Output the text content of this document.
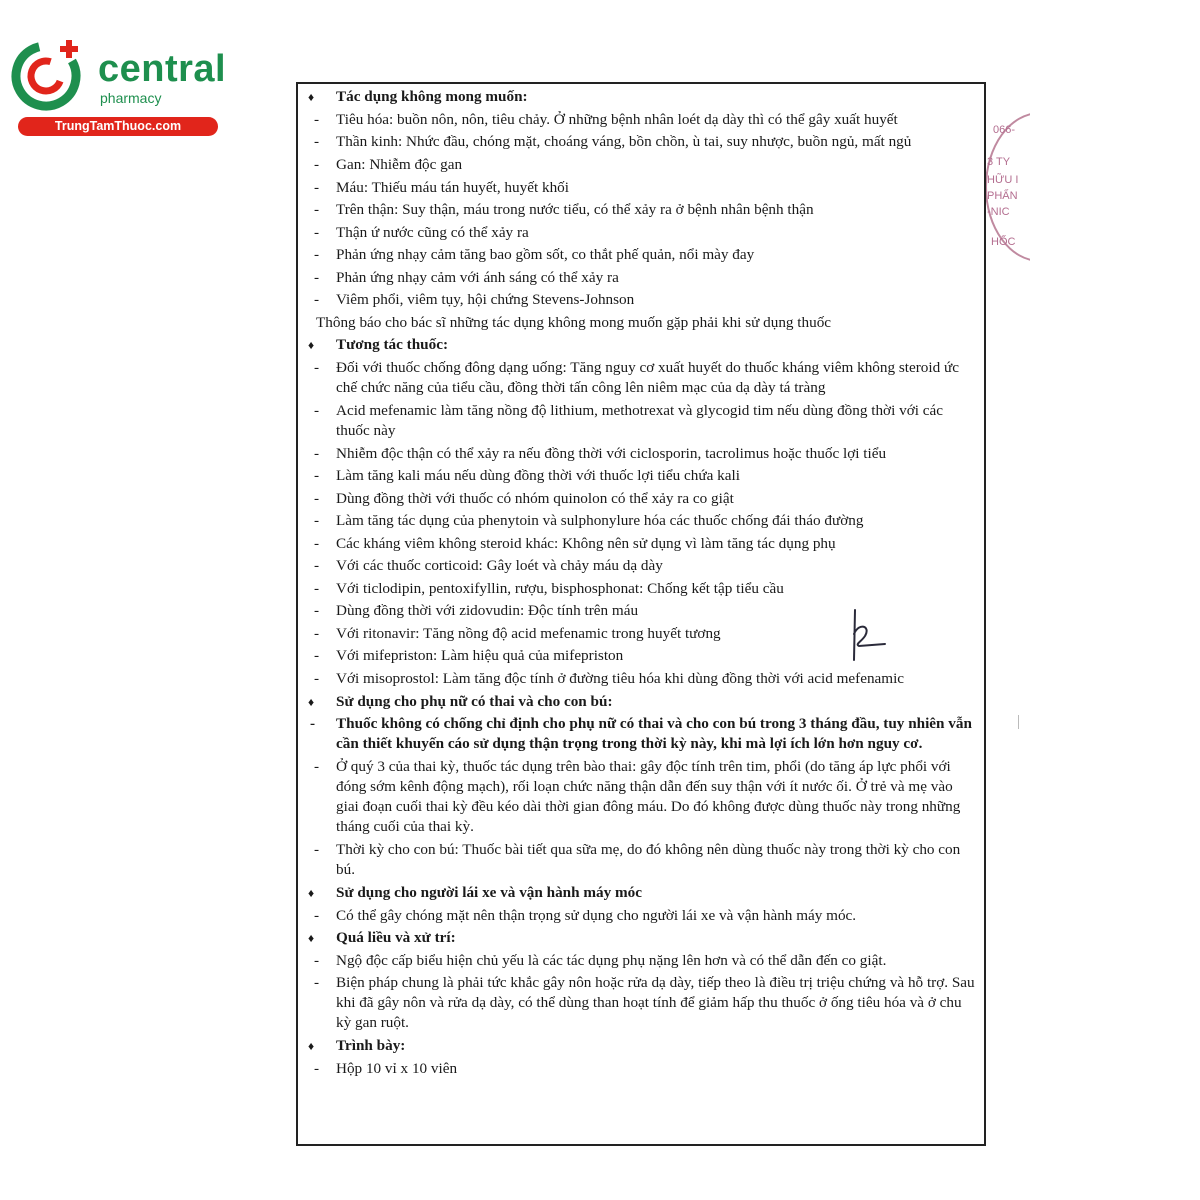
central
pharmacy
TrungTamThuoc.com	066-
3 TY
HỮU I
PHẨN
-NIC
HỐC
♦ Tác dụng không mong muốn:
- Tiêu hóa: buồn nôn, nôn, tiêu chảy. Ở những bệnh nhân loét dạ dày thì có thể gây xuất huyết
- Thần kinh: Nhức đầu, chóng mặt, choáng váng, bồn chồn, ù tai, suy nhược, buồn ngủ, mất ngủ
- Gan: Nhiễm độc gan
- Máu: Thiếu máu tán huyết, huyết khối
- Trên thận: Suy thận, máu trong nước tiểu, có thể xảy ra ở bệnh nhân bệnh thận
- Thận ứ nước cũng có thể xảy ra
- Phản ứng nhạy cảm tăng bao gồm sốt, co thắt phế quản, nổi mày đay
- Phản ứng nhạy cảm với ánh sáng có thể xảy ra
- Viêm phổi, viêm tụy, hội chứng Stevens-Johnson
Thông báo cho bác sĩ những tác dụng không mong muốn gặp phải khi sử dụng thuốc
♦ Tương tác thuốc:
- Đối với thuốc chống đông dạng uống: Tăng nguy cơ xuất huyết do thuốc kháng viêm không steroid ức chế chức năng của tiểu cầu, đồng thời tấn công lên niêm mạc của dạ dày tá tràng
- Acid mefenamic làm tăng nồng độ lithium, methotrexat và glycogid tim nếu dùng đồng thời với các thuốc này
- Nhiễm độc thận có thể xảy ra nếu đồng thời với ciclosporin, tacrolimus hoặc thuốc lợi tiểu
- Làm tăng kali máu nếu dùng đồng thời với thuốc lợi tiểu chứa kali
- Dùng đồng thời với thuốc có nhóm quinolon có thể xảy ra co giật
- Làm tăng tác dụng của phenytoin và sulphonylure hóa các thuốc chống đái tháo đường
- Các kháng viêm không steroid khác: Không nên sử dụng vì làm tăng tác dụng phụ
- Với các thuốc corticoid: Gây loét và chảy máu dạ dày
- Với ticlodipin, pentoxifyllin, rượu, bisphosphonat: Chống kết tập tiểu cầu
- Dùng đồng thời với zidovudin: Độc tính trên máu
- Với ritonavir: Tăng nồng độ acid mefenamic trong huyết tương
- Với mifepriston: Làm hiệu quả của mifepriston
- Với misoprostol: Làm tăng độc tính ở đường tiêu hóa khi dùng đồng thời với acid mefenamic
♦ Sử dụng cho phụ nữ có thai và cho con bú:
- Thuốc không có chống chỉ định cho phụ nữ có thai và cho con bú trong 3 tháng đầu, tuy nhiên vẫn cần thiết khuyến cáo sử dụng thận trọng trong thời kỳ này, khi mà lợi ích lớn hơn nguy cơ.
- Ở quý 3 của thai kỳ, thuốc tác dụng trên bào thai: gây độc tính trên tim, phổi (do tăng áp lực phổi với đóng sớm kênh động mạch), rối loạn chức năng thận dẫn đến suy thận với ít nước ối. Ở trẻ và mẹ vào giai đoạn cuối thai kỳ đều kéo dài thời gian đông máu. Do đó không được dùng thuốc này trong những tháng cuối của thai kỳ.
- Thời kỳ cho con bú: Thuốc bài tiết qua sữa mẹ, do đó không nên dùng thuốc này trong thời kỳ cho con bú.
♦ Sử dụng cho người lái xe và vận hành máy móc
- Có thể gây chóng mặt nên thận trọng sử dụng cho người lái xe và vận hành máy móc.
♦ Quá liều và xử trí:
- Ngộ độc cấp biểu hiện chủ yếu là các tác dụng phụ nặng lên hơn và có thể dẫn đến co giật.
- Biện pháp chung là phải tức khắc gây nôn hoặc rửa dạ dày, tiếp theo là điều trị triệu chứng và hỗ trợ. Sau khi đã gây nôn và rửa dạ dày, có thể dùng than hoạt tính để giảm hấp thu thuốc ở ống tiêu hóa và ở chu kỳ gan ruột.
♦ Trình bày:
- Hộp 10 vỉ x 10 viên
